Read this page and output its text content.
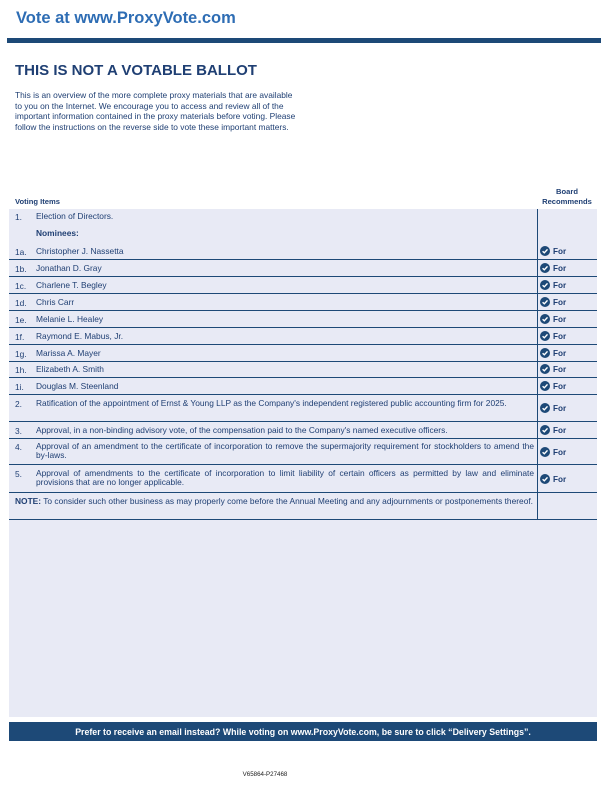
Vote at www.ProxyVote.com
THIS IS NOT A VOTABLE BALLOT
This is an overview of the more complete proxy materials that are available to you on the Internet. We encourage you to access and review all of the important information contained in the proxy materials before voting. Please follow the instructions on the reverse side to vote these important matters.
Voting Items
Board
Recommends
1. Election of Directors.
Nominees:
1a. Christopher J. Nassetta	For
1b. Jonathan D. Gray	For
1c. Charlene T. Begley	For
1d. Chris Carr	For
1e. Melanie L. Healey	For
1f. Raymond E. Mabus, Jr.	For
1g. Marissa A. Mayer	For
1h. Elizabeth A. Smith	For
1i. Douglas M. Steenland	For
2. Ratification of the appointment of Ernst & Young LLP as the Company's independent registered public accounting firm for 2025.	For
3. Approval, in a non-binding advisory vote, of the compensation paid to the Company's named executive officers.	For
4. Approval of an amendment to the certificate of incorporation to remove the supermajority requirement for stockholders to amend the by-laws.	For
5. Approval of amendments to the certificate of incorporation to limit liability of certain officers as permitted by law and eliminate provisions that are no longer applicable.	For
NOTE: To consider such other business as may properly come before the Annual Meeting and any adjournments or postponements thereof.
Prefer to receive an email instead? While voting on www.ProxyVote.com, be sure to click “Delivery Settings”.
V65864-P27468
